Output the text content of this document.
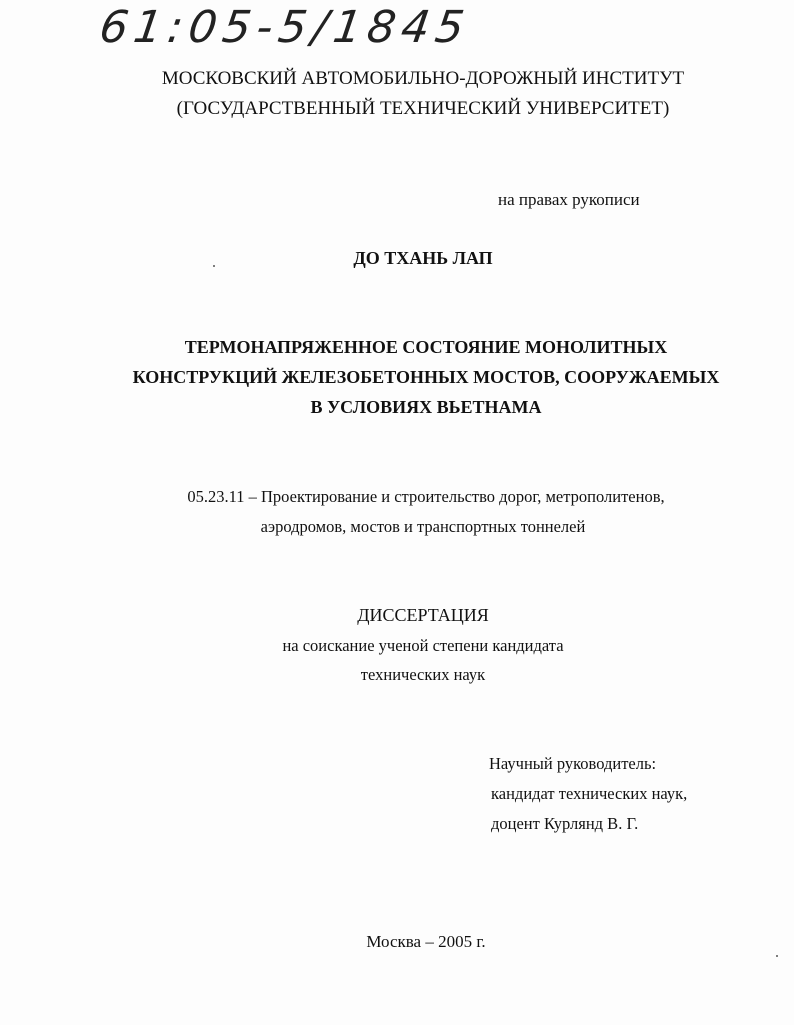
61:05-5/1845
МОСКОВСКИЙ АВТОМОБИЛЬНО-ДОРОЖНЫЙ ИНСТИТУТ
(ГОСУДАРСТВЕННЫЙ ТЕХНИЧЕСКИЙ УНИВЕРСИТЕТ)
на правах рукописи
ДО ТХАНЬ ЛАП
ТЕРМОНАПРЯЖЕННОЕ СОСТОЯНИЕ МОНОЛИТНЫХ
КОНСТРУКЦИЙ ЖЕЛЕЗОБЕТОННЫХ МОСТОВ, СООРУЖАЕМЫХ
В УСЛОВИЯХ ВЬЕТНАМА
05.23.11 – Проектирование и строительство дорог, метрополитенов,
аэродромов, мостов и транспортных тоннелей
ДИССЕРТАЦИЯ
на соискание ученой степени кандидата
технических наук
Научный руководитель:
кандидат технических наук,
доцент Курлянд В. Г.
Москва – 2005 г.
